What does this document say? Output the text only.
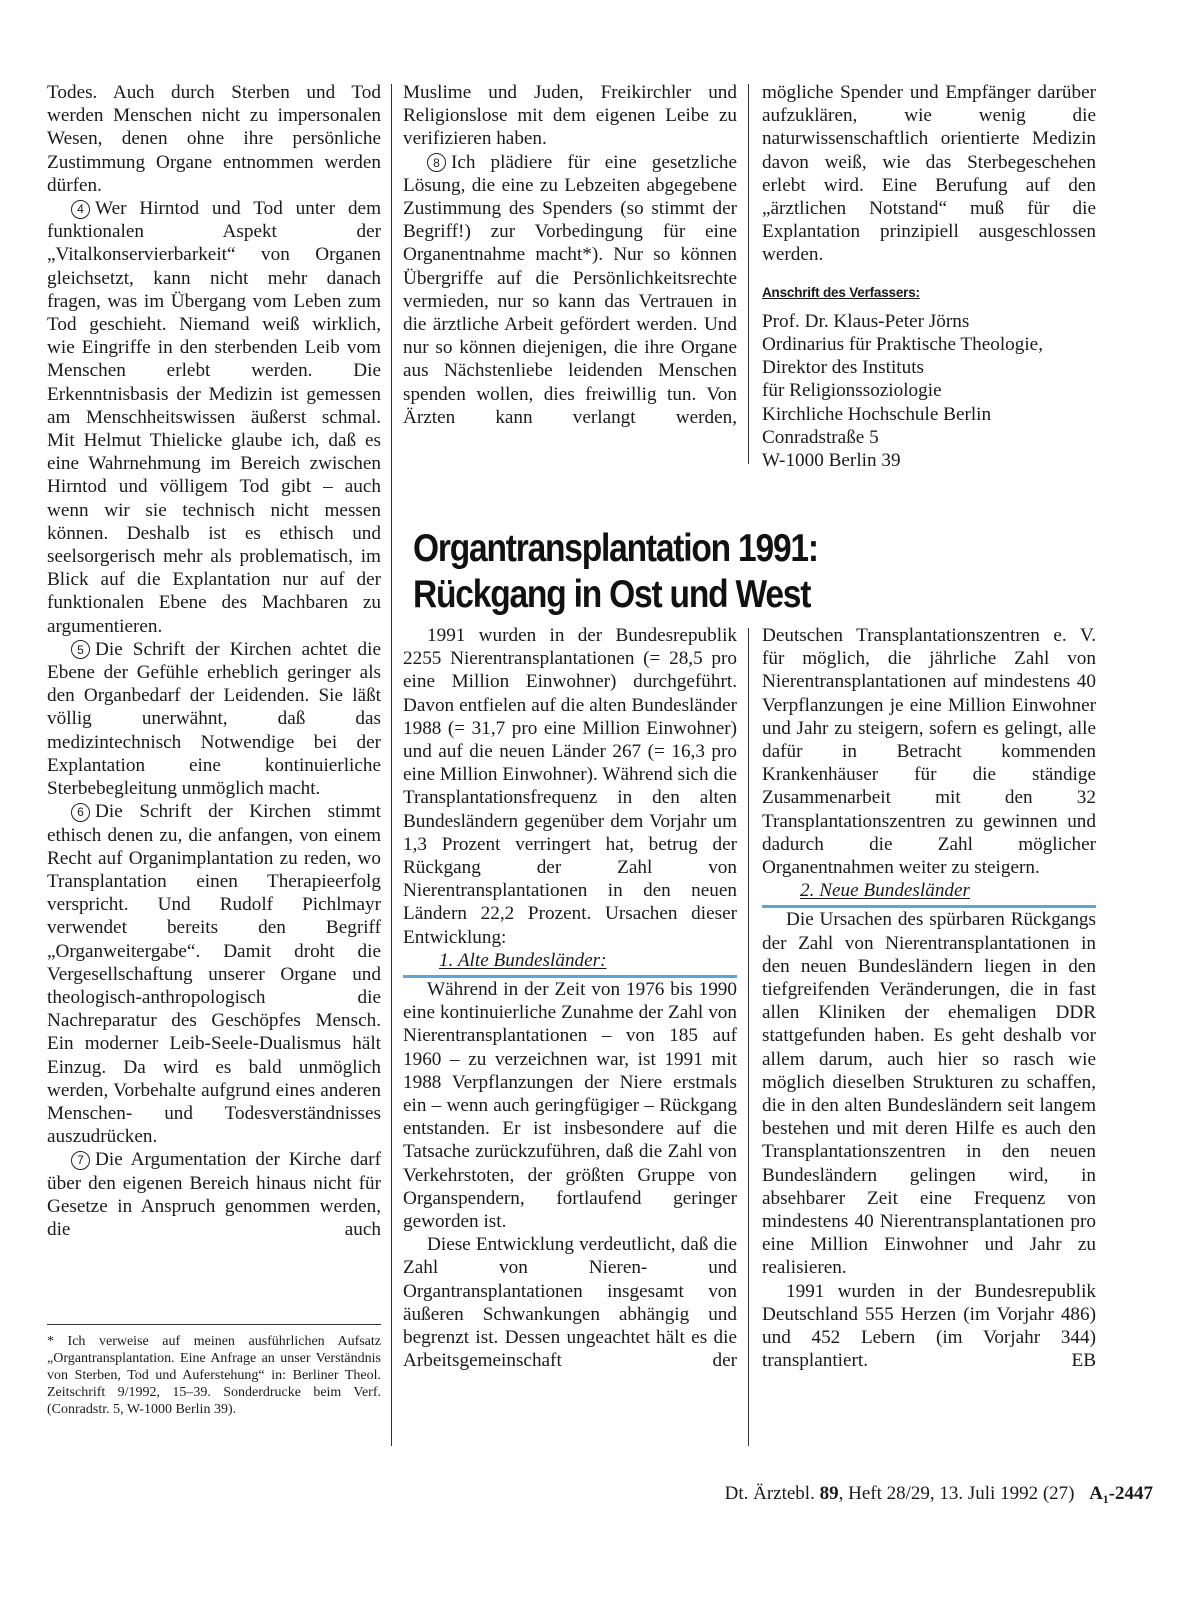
Todes. Auch durch Sterben und Tod werden Menschen nicht zu impersonalen Wesen, denen ohne ihre persönliche Zustimmung Organe entnommen werden dürfen.

4 Wer Hirntod und Tod unter dem funktionalen Aspekt der „Vitalkonservierbarkeit“ von Organen gleichsetzt, kann nicht mehr danach fragen, was im Übergang vom Leben zum Tod geschieht. Niemand weiß wirklich, wie Eingriffe in den sterbenden Leib vom Menschen erlebt werden. Die Erkenntnisbasis der Medizin ist gemessen am Menschheitswissen äußerst schmal. Mit Helmut Thielicke glaube ich, daß es eine Wahrnehmung im Bereich zwischen Hirntod und völligem Tod gibt – auch wenn wir sie technisch nicht messen können. Deshalb ist es ethisch und seelsorgerisch mehr als problematisch, im Blick auf die Explantation nur auf der funktionalen Ebene des Machbaren zu argumentieren.

5 Die Schrift der Kirchen achtet die Ebene der Gefühle erheblich geringer als den Organbedarf der Leidenden. Sie läßt völlig unerwähnt, daß das medizintechnisch Notwendige bei der Explantation eine kontinuierliche Sterbebegleitung unmöglich macht.

6 Die Schrift der Kirchen stimmt ethisch denen zu, die anfangen, von einem Recht auf Organimplantation zu reden, wo Transplantation einen Therapieerfolg verspricht. Und Rudolf Pichlmayr verwendet bereits den Begriff „Organweitergabe“. Damit droht die Vergesellschaftung unserer Organe und theologisch-anthropologisch die Nachreparatur des Geschöpfes Mensch. Ein moderner Leib-Seele-Dualismus hält Einzug. Da wird es bald unmöglich werden, Vorbehalte aufgrund eines anderen Menschen- und Todesverständnisses auszudrücken.

7 Die Argumentation der Kirche darf über den eigenen Bereich hinaus nicht für Gesetze in Anspruch genommen werden, die auch

* Ich verweise auf meinen ausführlichen Aufsatz „Organtransplantation. Eine Anfrage an unser Verständnis von Sterben, Tod und Auferstehung“ in: Berliner Theol. Zeitschrift 9/1992, 15–39. Sonderdrucke beim Verf. (Conradstr. 5, W-1000 Berlin 39).

Muslime und Juden, Freikirchler und Religionslose mit dem eigenen Leibe zu verifizieren haben.

8 Ich plädiere für eine gesetzliche Lösung, die eine zu Lebzeiten abgegebene Zustimmung des Spenders (so stimmt der Begriff!) zur Vorbedingung für eine Organentnahme macht*). Nur so können Übergriffe auf die Persönlichkeitsrechte vermieden, nur so kann das Vertrauen in die ärztliche Arbeit gefördert werden. Und nur so können diejenigen, die ihre Organe aus Nächstenliebe leidenden Menschen spenden wollen, dies freiwillig tun. Von Ärzten kann verlangt werden,

mögliche Spender und Empfänger darüber aufzuklären, wie wenig die naturwissenschaftlich orientierte Medizin davon weiß, wie das Sterbegeschehen erlebt wird. Eine Berufung auf den „ärztlichen Notstand“ muß für die Explantation prinzipiell ausgeschlossen werden.

Anschrift des Verfassers:
Prof. Dr. Klaus-Peter Jörns
Ordinarius für Praktische Theologie,
Direktor des Instituts
für Religionssoziologie
Kirchliche Hochschule Berlin
Conradstraße 5
W-1000 Berlin 39
Organtransplantation 1991:
Rückgang in Ost und West

1991 wurden in der Bundesrepublik 2255 Nierentransplantationen (= 28,5 pro eine Million Einwohner) durchgeführt. Davon entfielen auf die alten Bundesländer 1988 (= 31,7 pro eine Million Einwohner) und auf die neuen Länder 267 (= 16,3 pro eine Million Einwohner). Während sich die Transplantationsfrequenz in den alten Bundesländern gegenüber dem Vorjahr um 1,3 Prozent verringert hat, betrug der Rückgang der Zahl von Nierentransplantationen in den neuen Ländern 22,2 Prozent. Ursachen dieser Entwicklung:

1. Alte Bundesländer:

Während in der Zeit von 1976 bis 1990 eine kontinuierliche Zunahme der Zahl von Nierentransplantationen – von 185 auf 1960 – zu verzeichnen war, ist 1991 mit 1988 Verpflanzungen der Niere erstmals ein – wenn auch geringfügiger – Rückgang entstanden. Er ist insbesondere auf die Tatsache zurückzuführen, daß die Zahl von Verkehrstoten, der größten Gruppe von Organspendern, fortlaufend geringer geworden ist.

Diese Entwicklung verdeutlicht, daß die Zahl von Nieren- und Organtransplantationen insgesamt von äußeren Schwankungen abhängig und begrenzt ist. Dessen ungeachtet hält es die Arbeitsgemeinschaft der

Deutschen Transplantationszentren e. V. für möglich, die jährliche Zahl von Nierentransplantationen auf mindestens 40 Verpflanzungen je eine Million Einwohner und Jahr zu steigern, sofern es gelingt, alle dafür in Betracht kommenden Krankenhäuser für die ständige Zusammenarbeit mit den 32 Transplantationszentren zu gewinnen und dadurch die Zahl möglicher Organentnahmen weiter zu steigern.

2. Neue Bundesländer

Die Ursachen des spürbaren Rückgangs der Zahl von Nierentransplantationen in den neuen Bundesländern liegen in den tiefgreifenden Veränderungen, die in fast allen Kliniken der ehemaligen DDR stattgefunden haben. Es geht deshalb vor allem darum, auch hier so rasch wie möglich dieselben Strukturen zu schaffen, die in den alten Bundesländern seit langem bestehen und mit deren Hilfe es auch den Transplantationszentren in den neuen Bundesländern gelingen wird, in absehbarer Zeit eine Frequenz von mindestens 40 Nierentransplantationen pro eine Million Einwohner und Jahr zu realisieren.

1991 wurden in der Bundesrepublik Deutschland 555 Herzen (im Vorjahr 486) und 452 Lebern (im Vorjahr 344) transplantiert.	EB

Dt. Ärztebl. 89, Heft 28/29, 13. Juli 1992 (27) A₁-2447
